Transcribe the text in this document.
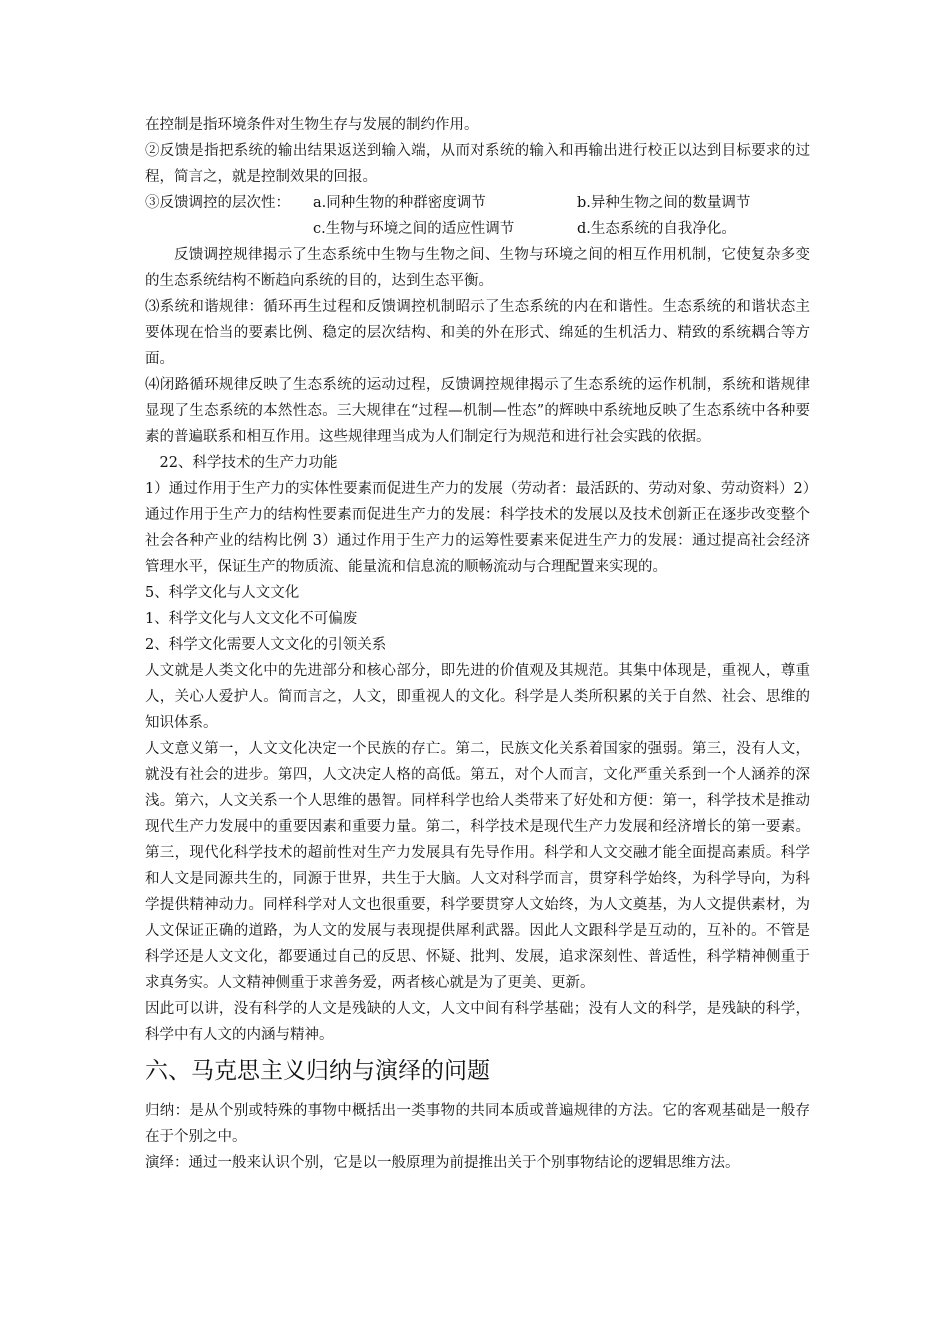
在控制是指环境条件对生物生存与发展的制约作用。

②反馈是指把系统的输出结果返送到输入端，从而对系统的输入和再输出进行校正以达到目标要求的过程，简言之，就是控制效果的回报。

③反馈调控的层次性：	a.同种生物的种群密度调节	b.异种生物之间的数量调节
c.生物与环境之间的适应性调节	d.生态系统的自我净化。

反馈调控规律揭示了生态系统中生物与生物之间、生物与环境之间的相互作用机制，它使复杂多变的生态系统结构不断趋向系统的目的，达到生态平衡。

⑶系统和谐规律：循环再生过程和反馈调控机制昭示了生态系统的内在和谐性。生态系统的和谐状态主要体现在恰当的要素比例、稳定的层次结构、和美的外在形式、绵延的生机活力、精致的系统耦合等方面。

⑷闭路循环规律反映了生态系统的运动过程，反馈调控规律揭示了生态系统的运作机制，系统和谐规律显现了生态系统的本然性态。三大规律在“过程—机制—性态”的辉映中系统地反映了生态系统中各种要素的普遍联系和相互作用。这些规律理当成为人们制定行为规范和进行社会实践的依据。

22、科学技术的生产力功能

1）通过作用于生产力的实体性要素而促进生产力的发展（劳动者：最活跃的、劳动对象、劳动资料）2）通过作用于生产力的结构性要素而促进生产力的发展：科学技术的发展以及技术创新正在逐步改变整个社会各种产业的结构比例 3）通过作用于生产力的运筹性要素来促进生产力的发展：通过提高社会经济管理水平，保证生产的物质流、能量流和信息流的顺畅流动与合理配置来实现的。

5、科学文化与人文文化

1、科学文化与人文文化不可偏废

2、科学文化需要人文文化的引领关系

人文就是人类文化中的先进部分和核心部分，即先进的价值观及其规范。其集中体现是，重视人，尊重人，关心人爱护人。简而言之，人文，即重视人的文化。科学是人类所积累的关于自然、社会、思维的知识体系。

人文意义第一，人文文化决定一个民族的存亡。第二，民族文化关系着国家的强弱。第三，没有人文，就没有社会的进步。第四，人文决定人格的高低。第五，对个人而言，文化严重关系到一个人涵养的深浅。第六，人文关系一个人思维的愚智。同样科学也给人类带来了好处和方便：第一，科学技术是推动现代生产力发展中的重要因素和重要力量。第二，科学技术是现代生产力发展和经济增长的第一要素。第三，现代化科学技术的超前性对生产力发展具有先导作用。科学和人文交融才能全面提高素质。科学和人文是同源共生的，同源于世界，共生于大脑。人文对科学而言，贯穿科学始终，为科学导向，为科学提供精神动力。同样科学对人文也很重要，科学要贯穿人文始终，为人文奠基，为人文提供素材，为人文保证正确的道路，为人文的发展与表现提供犀利武器。因此人文跟科学是互动的，互补的。不管是科学还是人文文化，都要通过自己的反思、怀疑、批判、发展，追求深刻性、普适性，科学精神侧重于求真务实。人文精神侧重于求善务爱，两者核心就是为了更美、更新。

因此可以讲，没有科学的人文是残缺的人文，人文中间有科学基础；没有人文的科学，是残缺的科学，科学中有人文的内涵与精神。

六、马克思主义归纳与演绎的问题

归纳：是从个别或特殊的事物中概括出一类事物的共同本质或普遍规律的方法。它的客观基础是一般存在于个别之中。

演绎：通过一般来认识个别，它是以一般原理为前提推出关于个别事物结论的逻辑思维方法。
